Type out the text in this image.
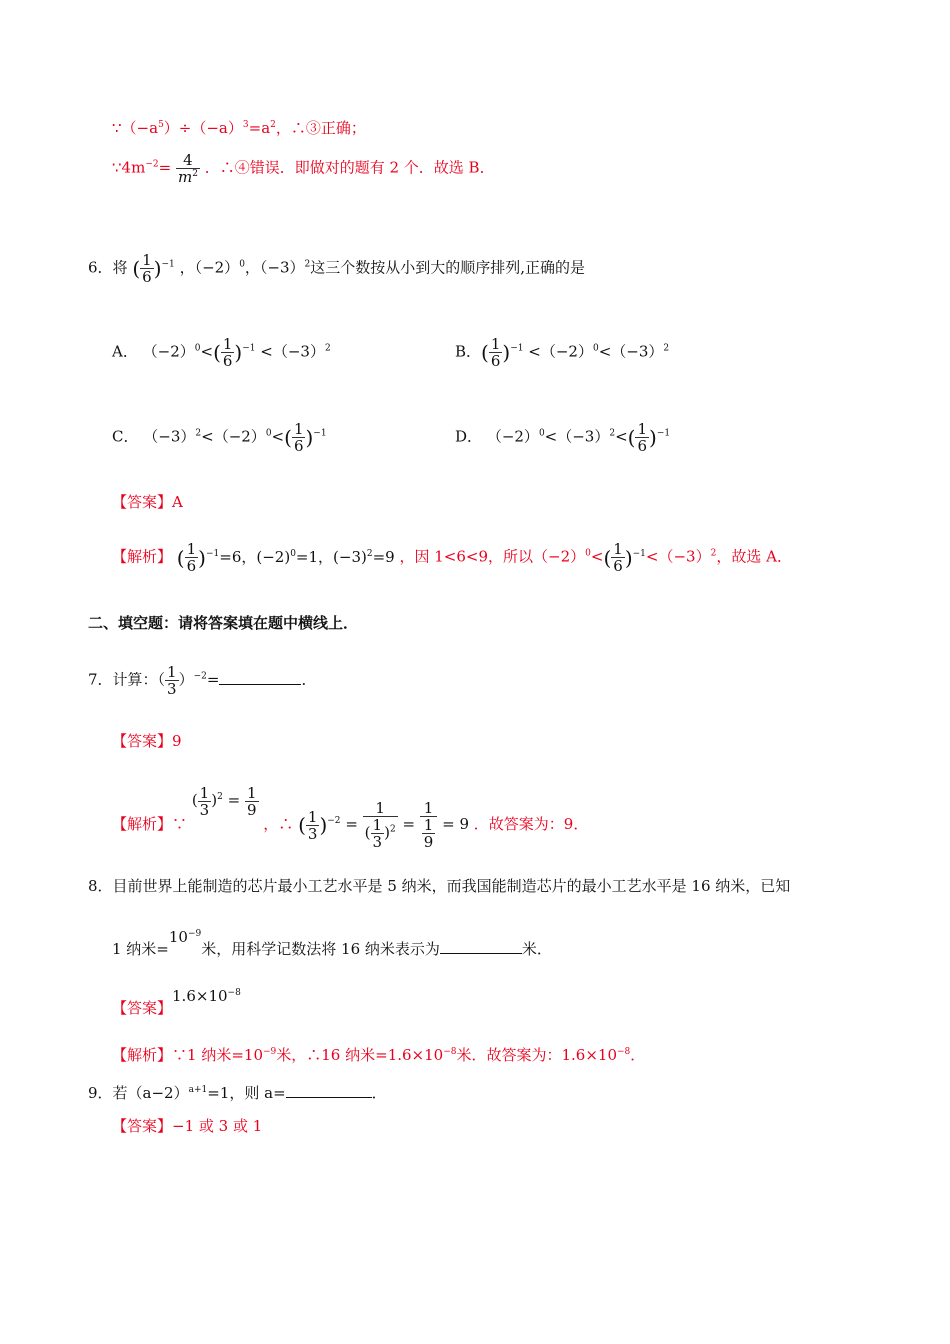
$\because(-a^5)\div(-a)^3=a^2$，∴③正确；
$\because 4m^{-2}= \frac{4}{m^2}$ ．∴④错误．即做对的题有 2 个．故选 B．
6．将 ( $\frac{1}{6} )^{-1}$ ，$(-2)^0$，$(-3)^2$这三个数按从小到大的顺序排列,正确的是
A． $(-2)^0<( \frac{1}{6} )^{-1} <(-3)^2$	B．( $\frac{1}{6} )^{-1} <(-2)^0<(-3)^2$
C． $(-3)^2<(-2)^0<( \frac{1}{6} )^{-1}$	D． $(-2)^0<(-3)^2<( \frac{1}{6} )^{-1}$
【答案】A
【解析】 ( $\frac{1}{6} )^{-1}=6$，$(-2)^0=1$，$(-3)^2=9$ ，因 1<6<9，所以$(-2)^0<( \frac{1}{6} )^{-1}<(-3)^2$，故选 A．
二、填空题：请将答案填在题中横线上．
7．计算：（ $\frac{1}{3} )^{-2}=$	．
【答案】9
【解析】∵ ( $\frac{1}{3} )^2 = \frac{1}{9}$
，∴ ( $\frac{1}{3} )^{-2} = \frac{1}{( \frac{1}{3} )^2} = \frac{1}{\frac{1}{9}} = 9$ ．故答案为：9．
8．目前世界上能制造的芯片最小工艺水平是 5 纳米，而我国能制造芯片的最小工艺水平是 16 纳米，已知
1 纳米$=10^{-9}$米，用科学记数法将 16 纳米表示为	米．
【答案】$1.6\times 10^{-8}$
【解析】∵1 纳米$=10^{-9}$米，∴16 纳米$=1.6\times 10^{-8}$米．故答案为：$1.6\times 10^{-8}$．
9．若$(a-2)^{a+1}=1$，则 a=	．
【答案】−1 或 3 或 1
